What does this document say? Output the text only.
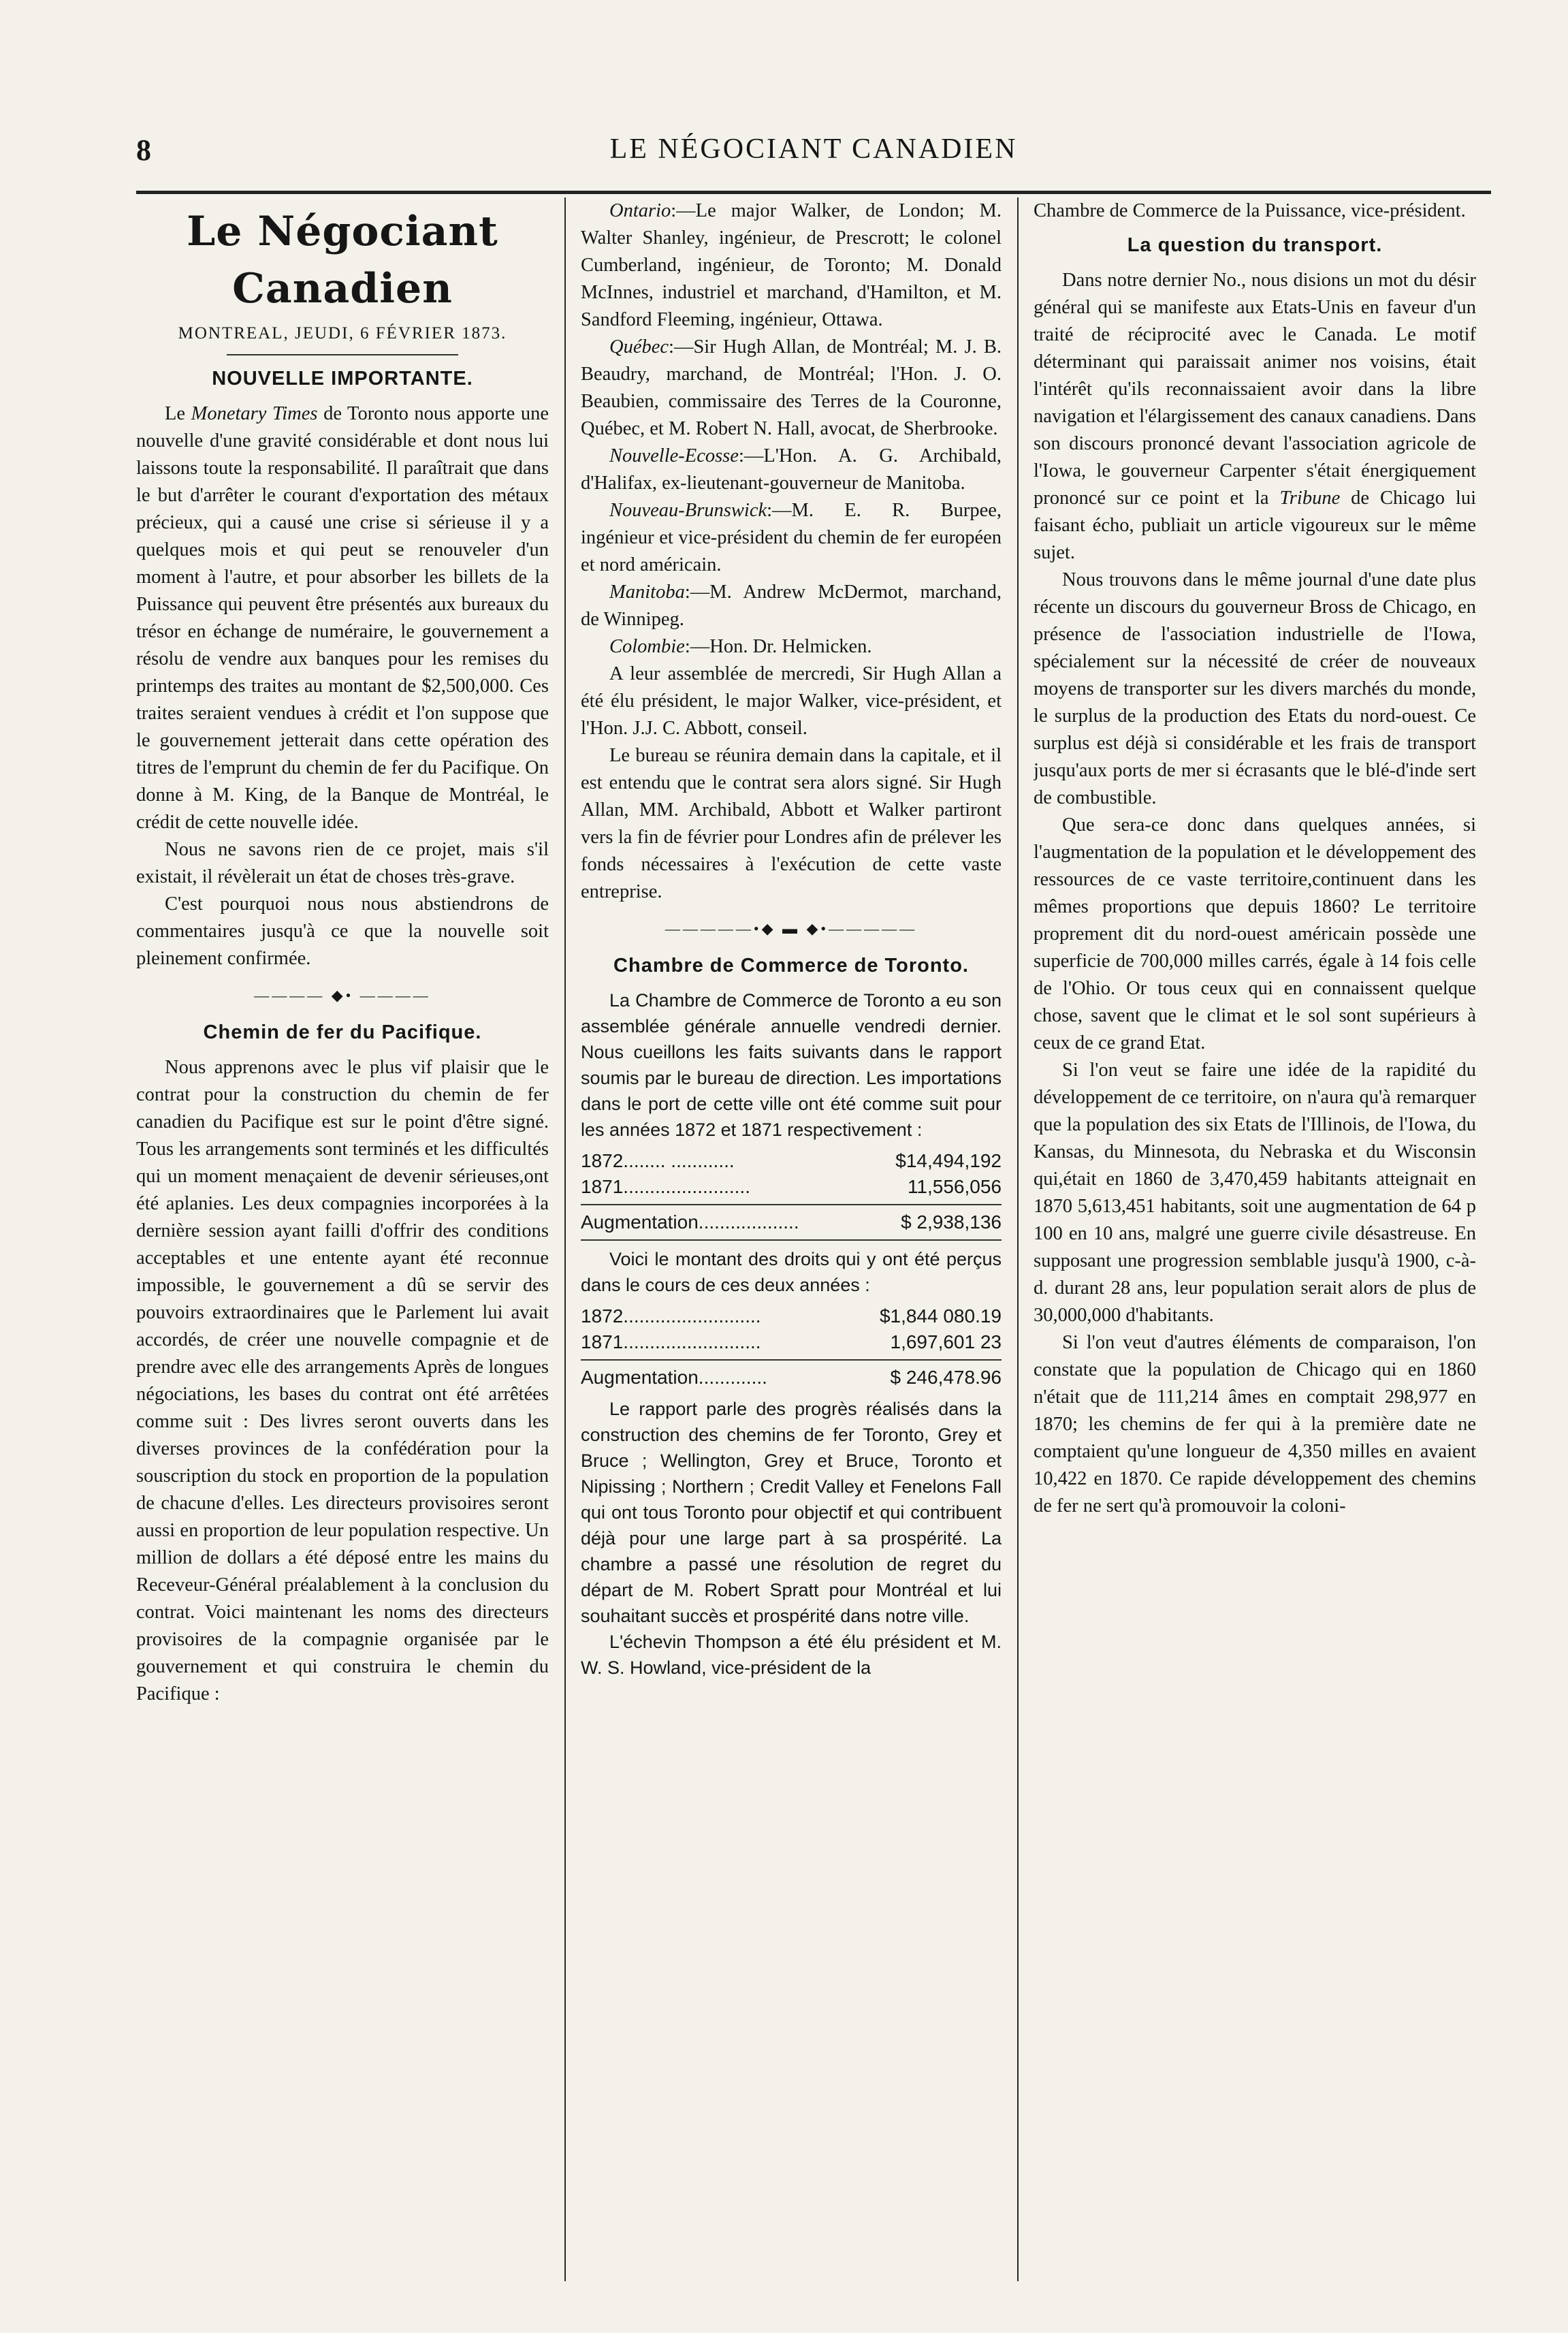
8	LE NÉGOCIANT CANADIEN
Le Négociant Canadien
MONTREAL, JEUDI, 6 FÉVRIER 1873.
NOUVELLE IMPORTANTE.

Le Monetary Times de Toronto nous apporte une nouvelle d'une gravité considérable et dont nous lui laissons toute la responsabilité. Il paraîtrait que dans le but d'arrêter le courant d'exportation des métaux précieux, qui a causé une crise si sérieuse il y a quelques mois et qui peut se renouveler d'un moment à l'autre, et pour absorber les billets de la Puissance qui peuvent être présentés aux bureaux du trésor en échange de numéraire, le gouvernement a résolu de vendre aux banques pour les remises du printemps des traites au montant de $2,500,000. Ces traites seraient vendues à crédit et l'on suppose que le gouvernement jetterait dans cette opération des titres de l'emprunt du chemin de fer du Pacifique. On donne à M. King, de la Banque de Montréal, le crédit de cette nouvelle idée.

Nous ne savons rien de ce projet, mais s'il existait, il révèlerait un état de choses très-grave.

C'est pourquoi nous nous abstiendrons de commentaires jusqu'à ce que la nouvelle soit pleinement confirmée.

———— ◆• ————
Chemin de fer du Pacifique.

Nous apprenons avec le plus vif plaisir que le contrat pour la construction du chemin de fer canadien du Pacifique est sur le point d'être signé. Tous les arrangements sont terminés et les difficultés qui un moment menaçaient de devenir sérieuses,ont été aplanies. Les deux compagnies incorporées à la dernière session ayant failli d'offrir des conditions acceptables et une entente ayant été reconnue impossible, le gouvernement a dû se servir des pouvoirs extraordinaires que le Parlement lui avait accordés, de créer une nouvelle compagnie et de prendre avec elle des arrangements Après de longues négociations, les bases du contrat ont été arrêtées comme suit : Des livres seront ouverts dans les diverses provinces de la confédération pour la souscription du stock en proportion de la population de chacune d'elles. Les directeurs provisoires seront aussi en proportion de leur population respective. Un million de dollars a été déposé entre les mains du Receveur-Général préalablement à la conclusion du contrat. Voici maintenant les noms des directeurs provisoires de la compagnie organisée par le gouvernement et qui construira le chemin du Pacifique :

Ontario:—Le major Walker, de London; M. Walter Shanley, ingénieur, de Prescrott; le colonel Cumberland, ingénieur, de Toronto; M. Donald McInnes, industriel et marchand, d'Hamilton, et M. Sandford Fleeming, ingénieur, Ottawa.

Québec:—Sir Hugh Allan, de Montréal; M. J. B. Beaudry, marchand, de Montréal; l'Hon. J. O. Beaubien, commissaire des Terres de la Couronne, Québec, et M. Robert N. Hall, avocat, de Sherbrooke.

Nouvelle-Ecosse:—L'Hon. A. G. Archibald, d'Halifax, ex-lieutenant-gouverneur de Manitoba.

Nouveau-Brunswick:—M. E. R. Burpee, ingénieur et vice-président du chemin de fer européen et nord américain.

Manitoba:—M. Andrew McDermot, marchand, de Winnipeg.

Colombie:—Hon. Dr. Helmicken.

A leur assemblée de mercredi, Sir Hugh Allan a été élu président, le major Walker, vice-président, et l'Hon. J.J. C. Abbott, conseil.

Le bureau se réunira demain dans la capitale, et il est entendu que le contrat sera alors signé. Sir Hugh Allan, MM. Archibald, Abbott et Walker partiront vers la fin de février pour Londres afin de prélever les fonds nécessaires à l'exécution de cette vaste entreprise.

—————•◆ ▬ ◆•—————
Chambre de Commerce de Toronto.

La Chambre de Commerce de Toronto a eu son assemblée générale annuelle vendredi dernier. Nous cueillons les faits suivants dans le rapport soumis par le bureau de direction. Les importations dans le port de cette ville ont été comme suit pour les années 1872 et 1871 respectivement :

1872........ ............	$14,494,192
1871........................	11,556,056
Augmentation...................	$ 2,938,136

Voici le montant des droits qui y ont été perçus dans le cours de ces deux années :

1872..........................	$1,844 080.19
1871..........................	1,697,601 23
Augmentation.............	$ 246,478.96

Le rapport parle des progrès réalisés dans la construction des chemins de fer Toronto, Grey et Bruce ; Wellington, Grey et Bruce, Toronto et Nipissing ; Northern ; Credit Valley et Fenelons Fall qui ont tous Toronto pour objectif et qui contribuent déjà pour une large part à sa prospérité. La chambre a passé une résolution de regret du départ de M. Robert Spratt pour Montréal et lui souhaitant succès et prospérité dans notre ville.

L'échevin Thompson a été élu président et M. W. S. Howland, vice-président de la

Chambre de Commerce de la Puissance, vice-président.

La question du transport.

Dans notre dernier No., nous disions un mot du désir général qui se manifeste aux Etats-Unis en faveur d'un traité de réciprocité avec le Canada. Le motif déterminant qui paraissait animer nos voisins, était l'intérêt qu'ils reconnaissaient avoir dans la libre navigation et l'élargissement des canaux canadiens. Dans son discours prononcé devant l'association agricole de l'Iowa, le gouverneur Carpenter s'était énergiquement prononcé sur ce point et la Tribune de Chicago lui faisant écho, publiait un article vigoureux sur le même sujet.

Nous trouvons dans le même journal d'une date plus récente un discours du gouverneur Bross de Chicago, en présence de l'association industrielle de l'Iowa, spécialement sur la nécessité de créer de nouveaux moyens de transporter sur les divers marchés du monde, le surplus de la production des Etats du nord-ouest. Ce surplus est déjà si considérable et les frais de transport jusqu'aux ports de mer si écrasants que le blé-d'inde sert de combustible.

Que sera-ce donc dans quelques années, si l'augmentation de la population et le développement des ressources de ce vaste territoire,continuent dans les mêmes proportions que depuis 1860? Le territoire proprement dit du nord-ouest américain possède une superficie de 700,000 milles carrés, égale à 14 fois celle de l'Ohio. Or tous ceux qui en connaissent quelque chose, savent que le climat et le sol sont supérieurs à ceux de ce grand Etat.

Si l'on veut se faire une idée de la rapidité du développement de ce territoire, on n'aura qu'à remarquer que la population des six Etats de l'Illinois, de l'Iowa, du Kansas, du Minnesota, du Nebraska et du Wisconsin qui,était en 1860 de 3,470,459 habitants atteignait en 1870 5,613,451 habitants, soit une augmentation de 64 p 100 en 10 ans, malgré une guerre civile désastreuse. En supposant une progression semblable jusqu'à 1900, c-à-d. durant 28 ans, leur population serait alors de plus de 30,000,000 d'habitants.

Si l'on veut d'autres éléments de comparaison, l'on constate que la population de Chicago qui en 1860 n'était que de 111,214 âmes en comptait 298,977 en 1870; les chemins de fer qui à la première date ne comptaient qu'une longueur de 4,350 milles en avaient 10,422 en 1870. Ce rapide développement des chemins de fer ne sert qu'à promouvoir la coloni-
